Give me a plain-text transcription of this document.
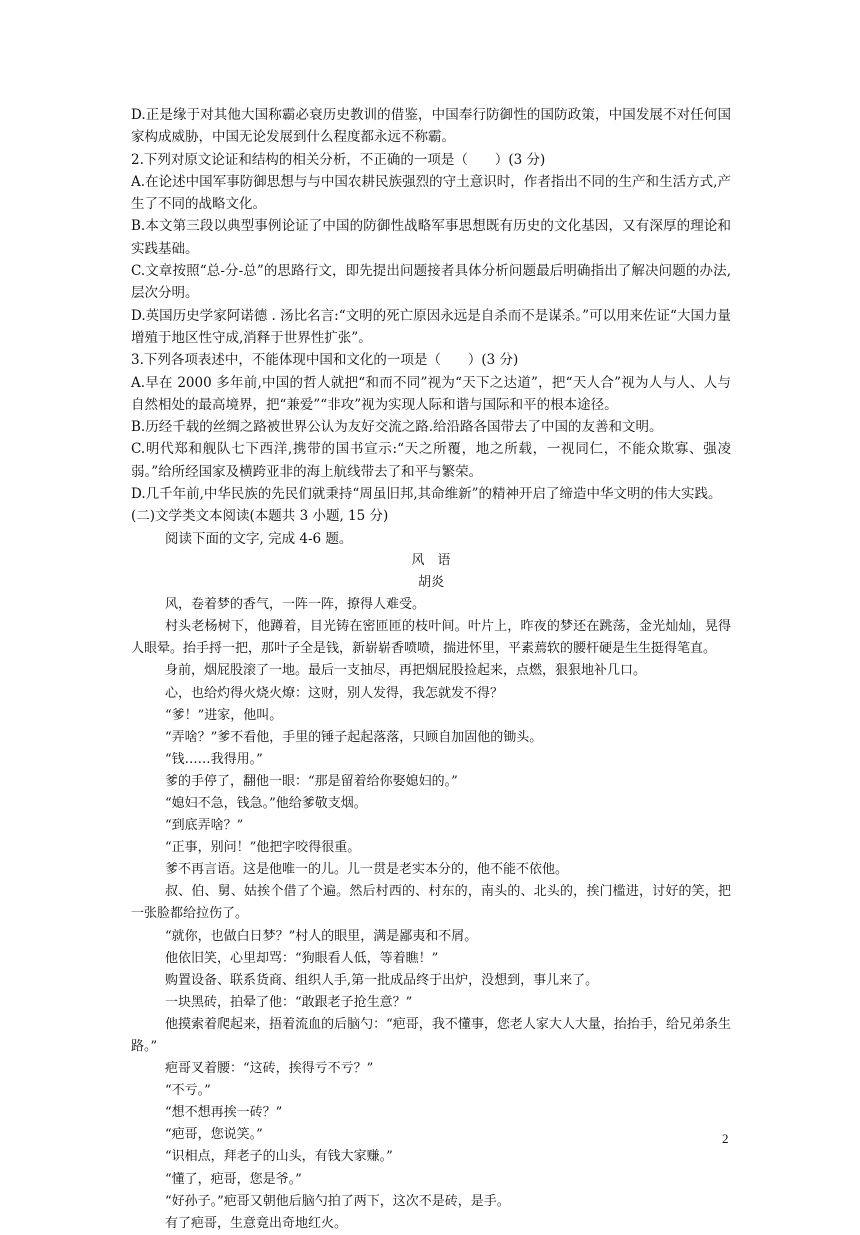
D.正是缘于对其他大国称霸必衰历史教训的借鉴，中国奉行防御性的国防政策，中国发展不对任何国家构成威胁，中国无论发展到什么程度都永远不称霸。

2.下列对原文论证和结构的相关分析，不正确的一项是（　　）(3 分)

A.在论述中国军事防御思想与与中国农耕民族强烈的守土意识时，作者指出不同的生产和生活方式,产生了不同的战略文化。

B.本文第三段以典型事例论证了中国的防御性战略军事思想既有历史的文化基因，又有深厚的理论和实践基础。

C.文章按照“总-分-总”的思路行文，即先提出问题接者具体分析问题最后明确指出了解决问题的办法,层次分明。

D.英国历史学家阿诺德 . 汤比名言:“文明的死亡原因永远是自杀而不是谋杀。”可以用来佐证“大国力量增殖于地区性守成,消释于世界性扩张”。

3.下列各项表述中，不能体现中国和文化的一项是（　　）(3 分)

A.早在 2000 多年前,中国的哲人就把“和而不同”视为“天下之达道”，把“天人合”视为人与人、人与自然相处的最高境界，把“兼爱”“非攻”视为实现人际和谐与国际和平的根本途径。

B.历经千载的丝绸之路被世界公认为友好交流之路.给沿路各国带去了中国的友善和文明。

C.明代郑和舰队七下西洋,携带的国书宣示:“天之所覆，地之所载，一视同仁，不能众欺寡、强凌弱。”给所经国家及横跨亚非的海上航线带去了和平与繁荣。

D.几千年前,中华民族的先民们就秉持“周虽旧邦,其命维新”的精神开启了缔造中华文明的伟大实践。

(二)文学类文本阅读(本题共 3 小题, 15 分)

阅读下面的文字, 完成 4-6 题。

风　语

胡炎

风，卷着梦的香气，一阵一阵，撩得人难受。

村头老杨树下，他蹲着，目光铸在密匝匝的枝叶间。叶片上，昨夜的梦还在跳荡，金光灿灿，晃得人眼晕。抬手捋一把，那叶子全是钱，新崭崭香喷喷，揣进怀里，平素蔫软的腰杆硬是生生挺得笔直。

身前，烟屁股滚了一地。最后一支抽尽，再把烟屁股捡起来，点燃，狠狠地补几口。

心，也给灼得火烧火燎：这财，别人发得，我怎就发不得？

“爹！”进家，他叫。

“弄啥？”爹不看他，手里的锤子起起落落，只顾自加固他的锄头。

“钱……我得用。”

爹的手停了，翻他一眼：“那是留着给你娶媳妇的。”

“媳妇不急，钱急。”他给爹敬支烟。

“到底弄啥？”

“正事，别问！”他把字咬得很重。

爹不再言语。这是他唯一的儿。儿一贯是老实本分的，他不能不依他。

叔、伯、舅、姑挨个借了个遍。然后村西的、村东的，南头的、北头的，挨门槛进，讨好的笑，把一张脸都给拉伤了。

“就你，也做白日梦？”村人的眼里，满是鄙夷和不屑。

他依旧笑，心里却骂：“狗眼看人低，等着瞧！”

购置设备、联系货商、组织人手,第一批成品终于出炉，没想到，事儿来了。

一块黑砖，拍晕了他：“敢跟老子抢生意？”

他摸索着爬起来，捂着流血的后脑勺：“疤哥，我不懂事，您老人家大人大量，抬抬手，给兄弟条生路。”

疤哥叉着腰：“这砖，挨得亏不亏？”

“不亏。”

“想不想再挨一砖？”

“疤哥，您说笑。”

“识相点，拜老子的山头，有钱大家赚。”

“懂了，疤哥，您是爷。”

“好孙子。”疤哥又朝他后脑勺拍了两下，这次不是砖，是手。

有了疤哥，生意竟出奇地红火。

2
